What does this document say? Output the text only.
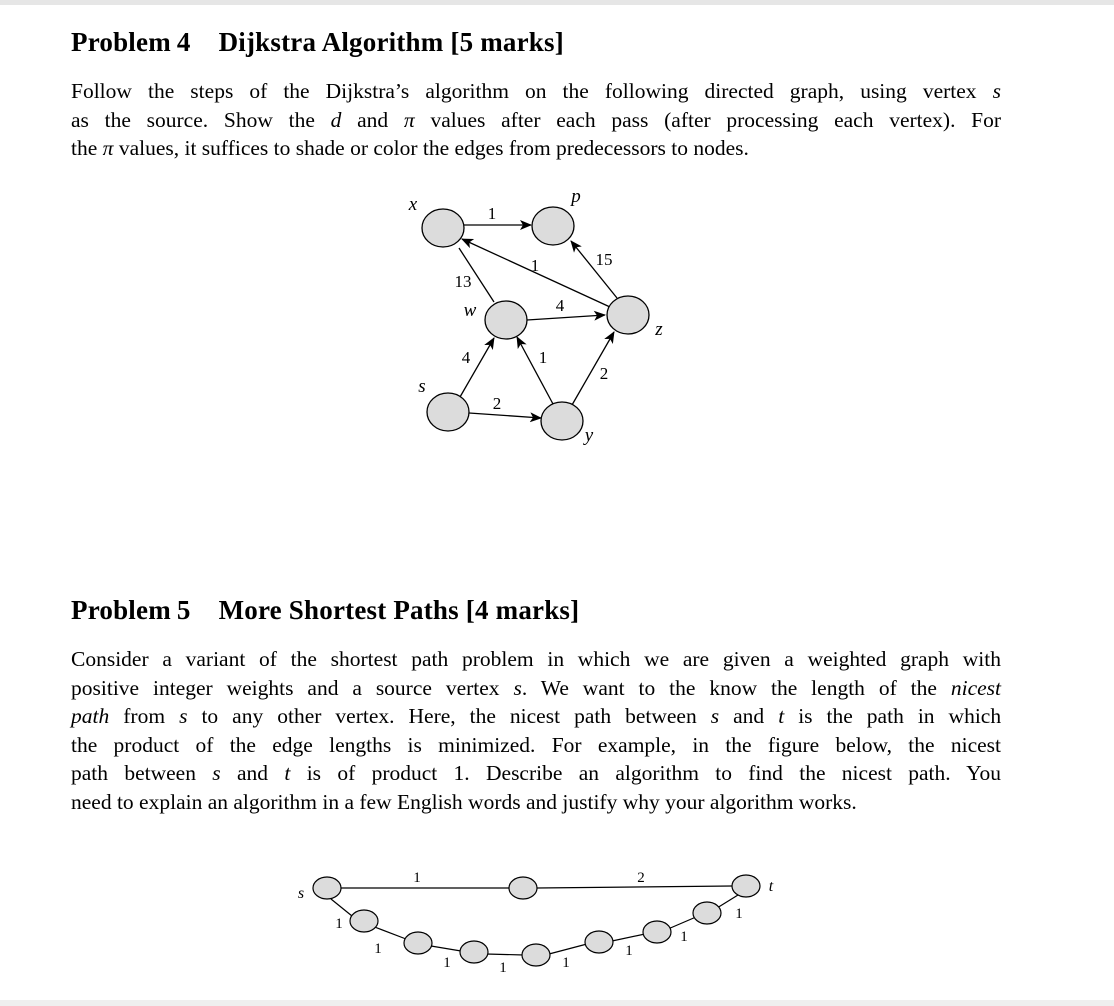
Problem 4 Dijkstra Algorithm [5 marks]
Follow the steps of the Dijkstra’s algorithm on the following directed graph, using vertex s
as the source. Show the d and π values after each pass (after processing each vertex). For
the π values, it suffices to shade or color the edges from predecessors to nodes.
x	p
w
z
s
y
1
1	15
13
4
4	1
2
2
Problem 5 More Shortest Paths [4 marks]
Consider a variant of the shortest path problem in which we are given a weighted graph with
positive integer weights and a source vertex s. We want to the know the length of the nicest
path from s to any other vertex. Here, the nicest path between s and t is the path in which
the product of the edge lengths is minimized. For example, in the figure below, the nicest
path between s and t is of product 1. Describe an algorithm to find the nicest path. You
need to explain an algorithm in a few English words and justify why your algorithm works.
s	t
1	2
1
1
1	1	1
1
1
1
